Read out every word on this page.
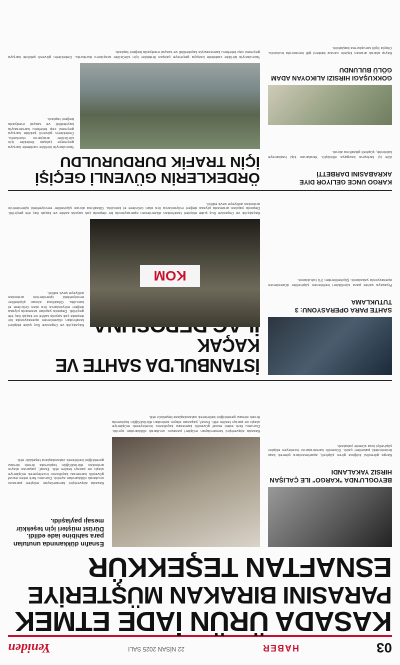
03
HABER
22 NİSAN 2025 SALI
Yeniden
KASADA ÜRÜN İADE ETMEK
PARASINI BIRAKAN MÜŞTERİYE
ESNAFTAN TEŞEKKÜR
Esnafın dükkanında unutulan para sahibine iade edildi. Dürüst müşteri için teşekkür mesajı paylaşıldı.
Kasada alışverişini tamamlayan müşteri parasını unutarak dükkandan ayrıldı. Durumu fark eden esnaf güvenlik kamerası kayıtlarını inceleyerek müşteriye ulaştı ve parayı teslim etti. Esnaf, yaşanan olayın ardından dürüstlüğün toplumda örnek olması gerektiğini belirterek vatandaşlara teşekkür etti.
Kasada alışverişini tamamlayan müşteri parasını unutarak dükkandan ayrıldı. Durumu fark eden esnaf güvenlik kamerası kayıtlarını inceleyerek müşteriye ulaştı ve parayı teslim etti. Esnaf, yaşanan olayın ardından dürüstlüğün toplumda örnek olması gerektiğini belirterek vatandaşlara teşekkür etti.
BEYOĞLU'NDA "KARGO" İLE ÇALIŞAN HIRSIZ YAKALANDI
Kargo görevlisi kılığına giren şüpheli, apartmanlara girerek kapı önlerindeki paketleri çaldı. Güvenlik kameralarını inceleyen ekipler şüpheliyi kısa sürede yakaladı.
İSTANBUL'DA SAHTE VE KAÇAK
KOM
Kaçakçılık ve Organize Suç şube ekipleri tarafından düzenlenen operasyonda bir depoda çok sayıda sahte ve kaçak ilaç ele geçirildi. Depoda yapılan aramada piyasa değeri milyonlarca lira olan ürünlere el konuldu. Gözaltına alınan şüpheliler emniyetteki işlemlerinin ardından adliyeye sevk edildi.
Kaçakçılık ve Organize Suç şube ekipleri tarafından düzenlenen operasyonda bir depoda çok sayıda sahte ve kaçak ilaç ele geçirildi. Depoda yapılan aramada piyasa değeri milyonlarca lira olan ürünlere el konuldu. Gözaltına alınan şüpheliler emniyetteki işlemlerinin ardından adliyeye sevk edildi.
SAHTE PARA OPERASYONU: 3 TUTUKLAMA
Piyasaya sahte para sürdükleri belirlenen şüpheliler düzenlenen operasyonla yakalandı. Şüphelilerden 3'ü tutuklandı.
ÖRDEKLERİN GÜVENLİ GEÇİŞİ
İÇİN TRAFİK DURDURULDU
Yavrularıyla birlikte caddede karşıya geçmeye çalışan ördekler için sürücüler araçlarını durdurdu. Ördeklerin güvenli şekilde karşıya geçmesi cep telefonu kamerasıyla kaydedildi ve sosyal medyada beğeni topladı.
Yavrularıyla birlikte caddede karşıya geçmeye çalışan ördekler için sürücüler araçlarını durdurdu. Ördeklerin güvenli şekilde karşıya geçmesi cep telefonu kamerasıyla kaydedildi ve sosyal medyada beğeni topladı.
KARGO ÜNCE GELİYOR DİYE AKRABASINI DARBETTİ
Aile içi tartışma kavgaya dönüştü. Yaralanan kişi hastaneye kaldırıldı, şüpheli gözaltına alındı.
GÖKKUŞAĞI HIRSIZI ALIKOYAN ADAM GÖLÜ BULUNDU
Kayıp olarak aranan kişinin cansız bedeni göl kenarında bulundu. Olayla ilgili soruşturma başlatıldı.
